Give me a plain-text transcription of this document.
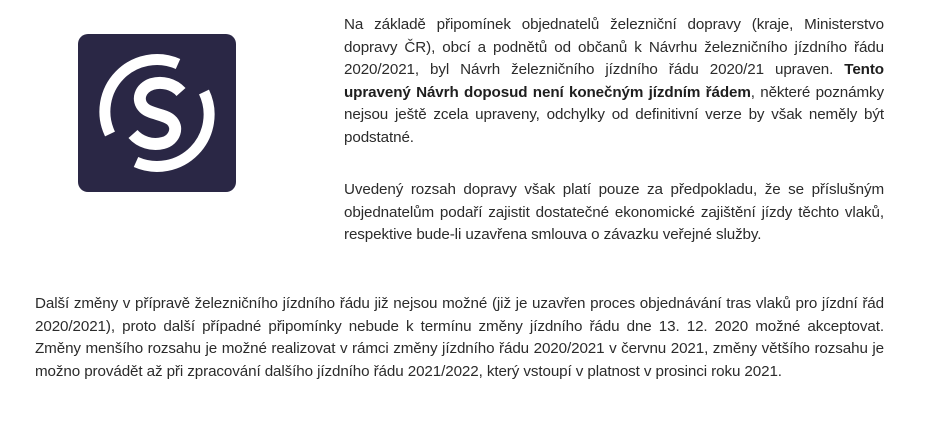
Na základě připomínek objednatelů železniční dopravy (kraje, Ministerstvo dopravy ČR), obcí a podnětů od občanů k Návrhu železničního jízdního řádu 2020/2021, byl Návrh železničního jízdního řádu 2020/21 upraven. Tento upravený Návrh doposud není konečným jízdním řádem, některé poznámky nejsou ještě zcela upraveny, odchylky od definitivní verze by však neměly být podstatné.

Uvedený rozsah dopravy však platí pouze za předpokladu, že se příslušným objednatelům podaří zajistit dostatečné ekonomické zajištění jízdy těchto vlaků, respektive bude-li uzavřena smlouva o závazku veřejné služby.

Další změny v přípravě železničního jízdního řádu již nejsou možné (již je uzavřen proces objednávání tras vlaků pro jízdní řád 2020/2021), proto další případné připomínky nebude k termínu změny jízdního řádu dne 13. 12. 2020 možné akceptovat. Změny menšího rozsahu je možné realizovat v rámci změny jízdního řádu 2020/2021 v červnu 2021, změny většího rozsahu je možno provádět až při zpracování dalšího jízdního řádu 2021/2022, který vstoupí v platnost v prosinci roku 2021.
